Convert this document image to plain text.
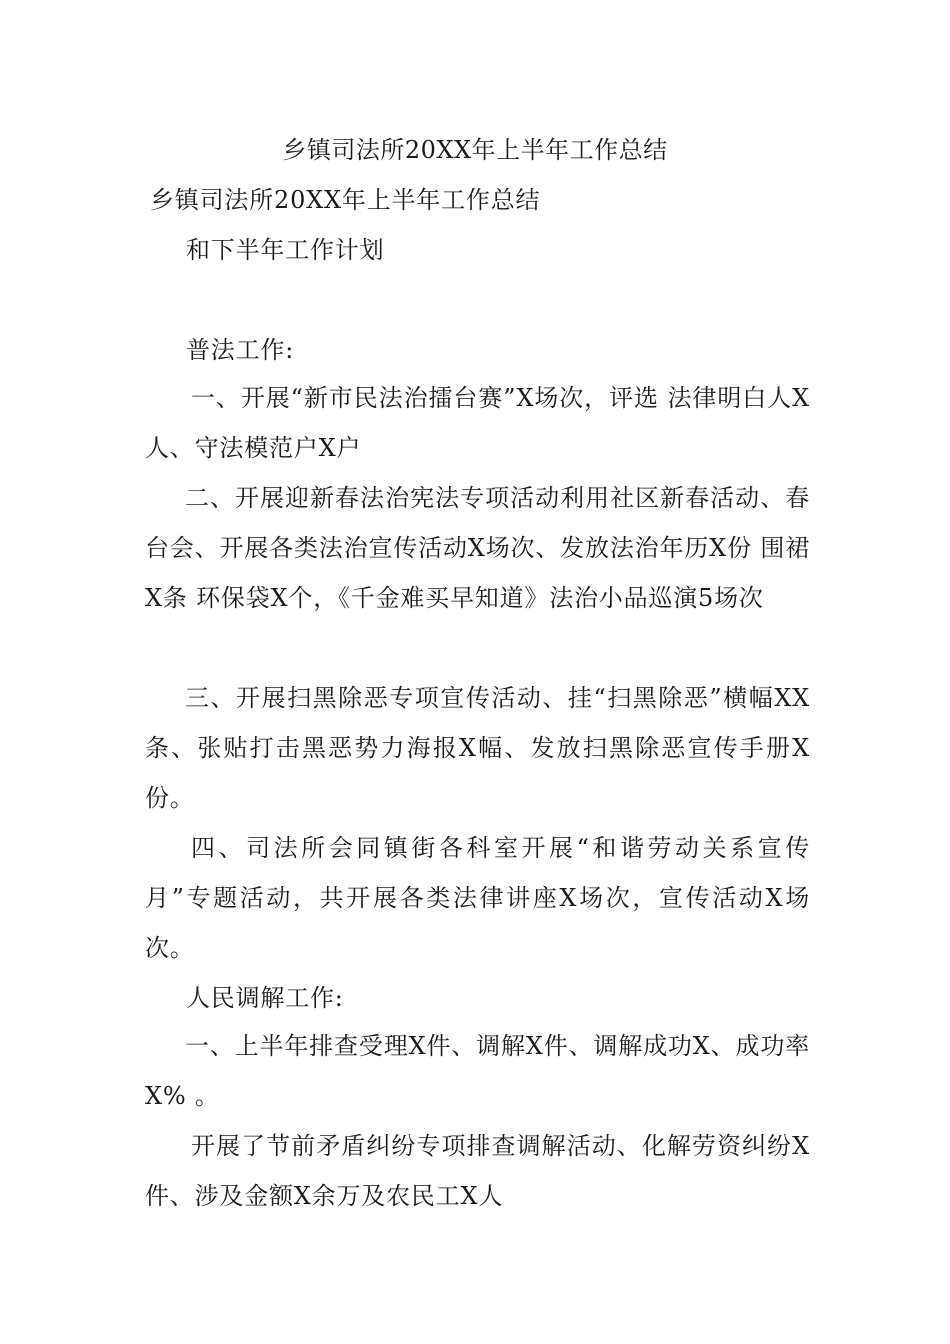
乡镇司法所20XX年上半年工作总结
乡镇司法所20XX年上半年工作总结
和下半年工作计划
普法工作:
一、开展“新市民法治擂台赛”X场次，评选 法律明白人X人、守法模范户X户
二、开展迎新春法治宪法专项活动利用社区新春活动、春台会、开展各类法治宣传活动X场次、发放法治年历X份 围裙X条 环保袋X个，《千金难买早知道》法治小品巡演5场次
三、开展扫黑除恶专项宣传活动、挂“扫黑除恶”横幅XX条、张贴打击黑恶势力海报X幅、发放扫黑除恶宣传手册X份。
四、司法所会同镇街各科室开展“和谐劳动关系宣传月”专题活动，共开展各类法律讲座X场次，宣传活动X场次。
人民调解工作:
一、上半年排查受理X件、调解X件、调解成功X、成功率 X% 。
开展了节前矛盾纠纷专项排查调解活动、化解劳资纠纷X件、涉及金额X余万及农民工X人
